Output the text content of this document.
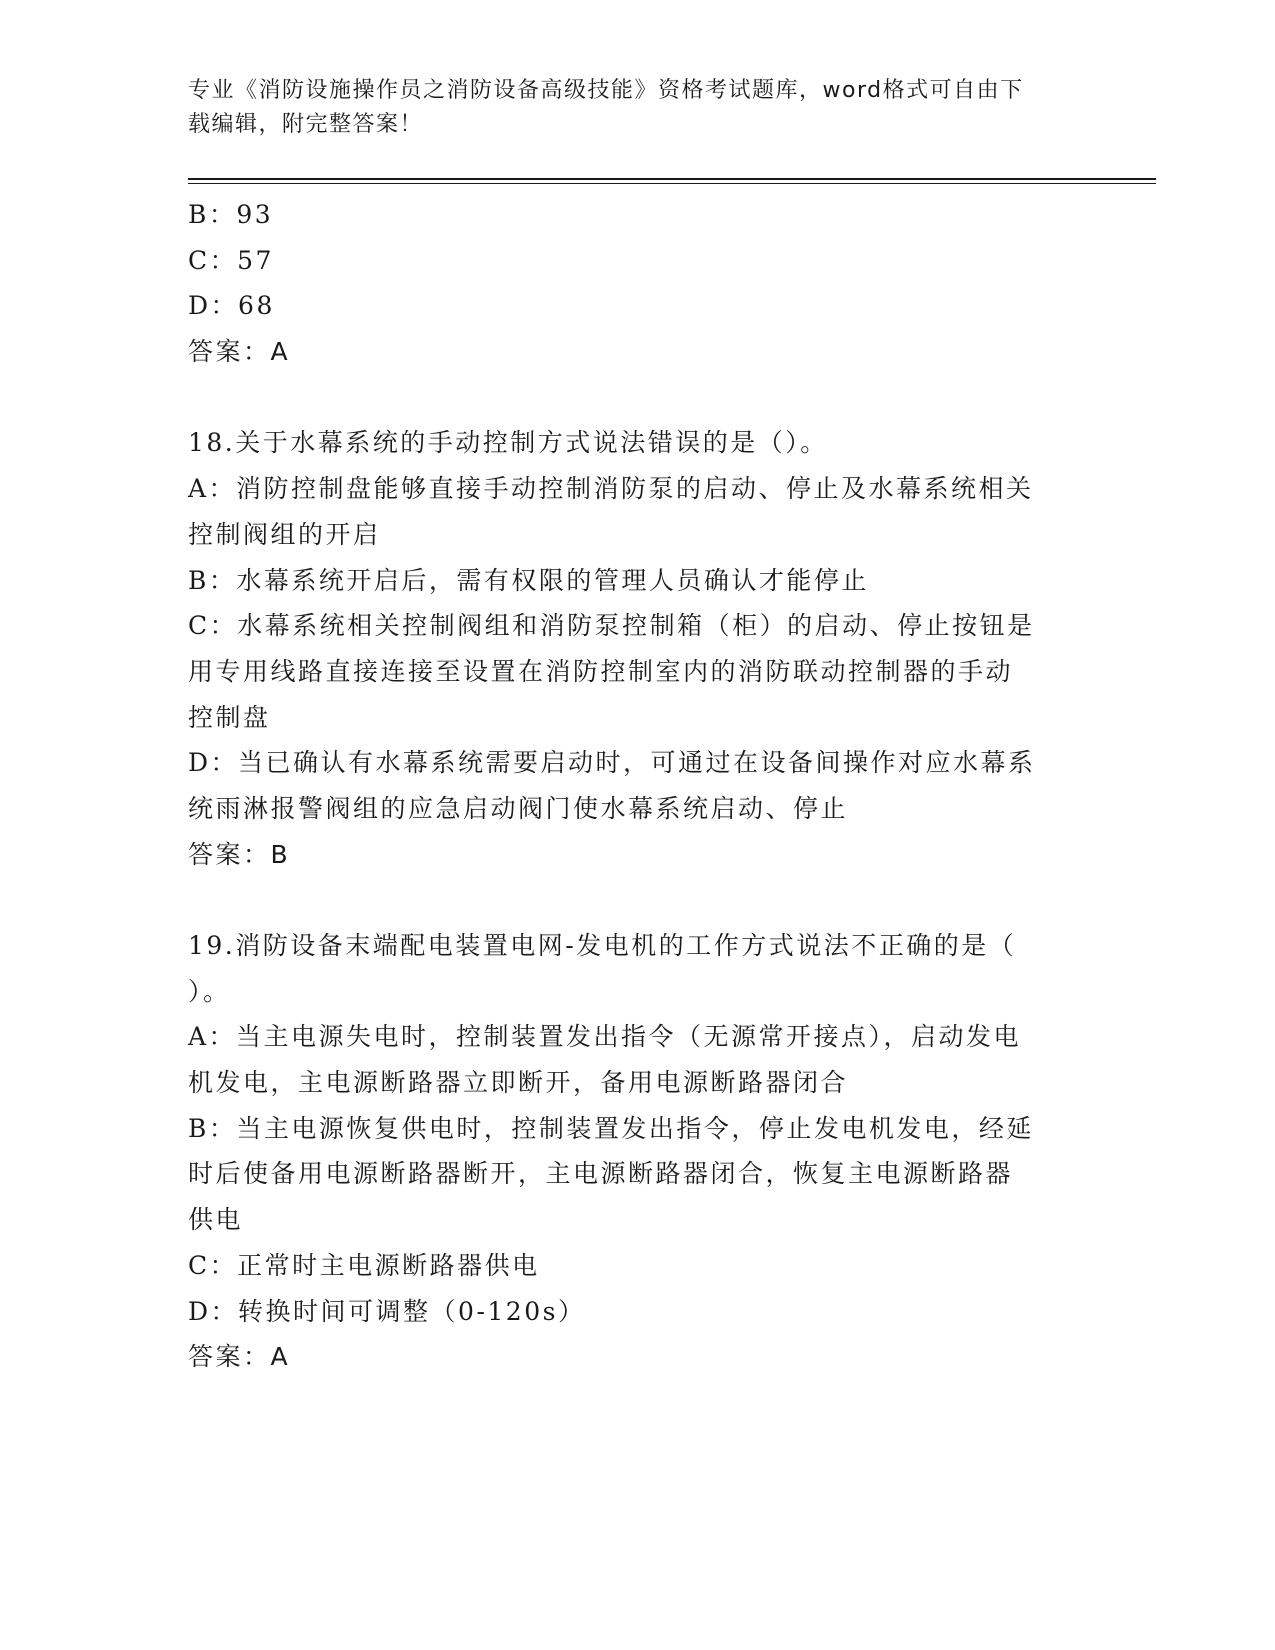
专业《消防设施操作员之消防设备高级技能》资格考试题库，word格式可自由下
载编辑，附完整答案！
B：93
C：57
D：68
答案：A
18.关于水幕系统的手动控制方式说法错误的是（）。
A：消防控制盘能够直接手动控制消防泵的启动、停止及水幕系统相关
控制阀组的开启
B：水幕系统开启后，需有权限的管理人员确认才能停止
C：水幕系统相关控制阀组和消防泵控制箱（柜）的启动、停止按钮是
用专用线路直接连接至设置在消防控制室内的消防联动控制器的手动
控制盘
D：当已确认有水幕系统需要启动时，可通过在设备间操作对应水幕系
统雨淋报警阀组的应急启动阀门使水幕系统启动、停止
答案：B
19.消防设备末端配电装置电网-发电机的工作方式说法不正确的是（
）。
A：当主电源失电时，控制装置发出指令（无源常开接点），启动发电
机发电，主电源断路器立即断开，备用电源断路器闭合
B：当主电源恢复供电时，控制装置发出指令，停止发电机发电，经延
时后使备用电源断路器断开，主电源断路器闭合，恢复主电源断路器
供电
C：正常时主电源断路器供电
D：转换时间可调整（0-120s）
答案：A
